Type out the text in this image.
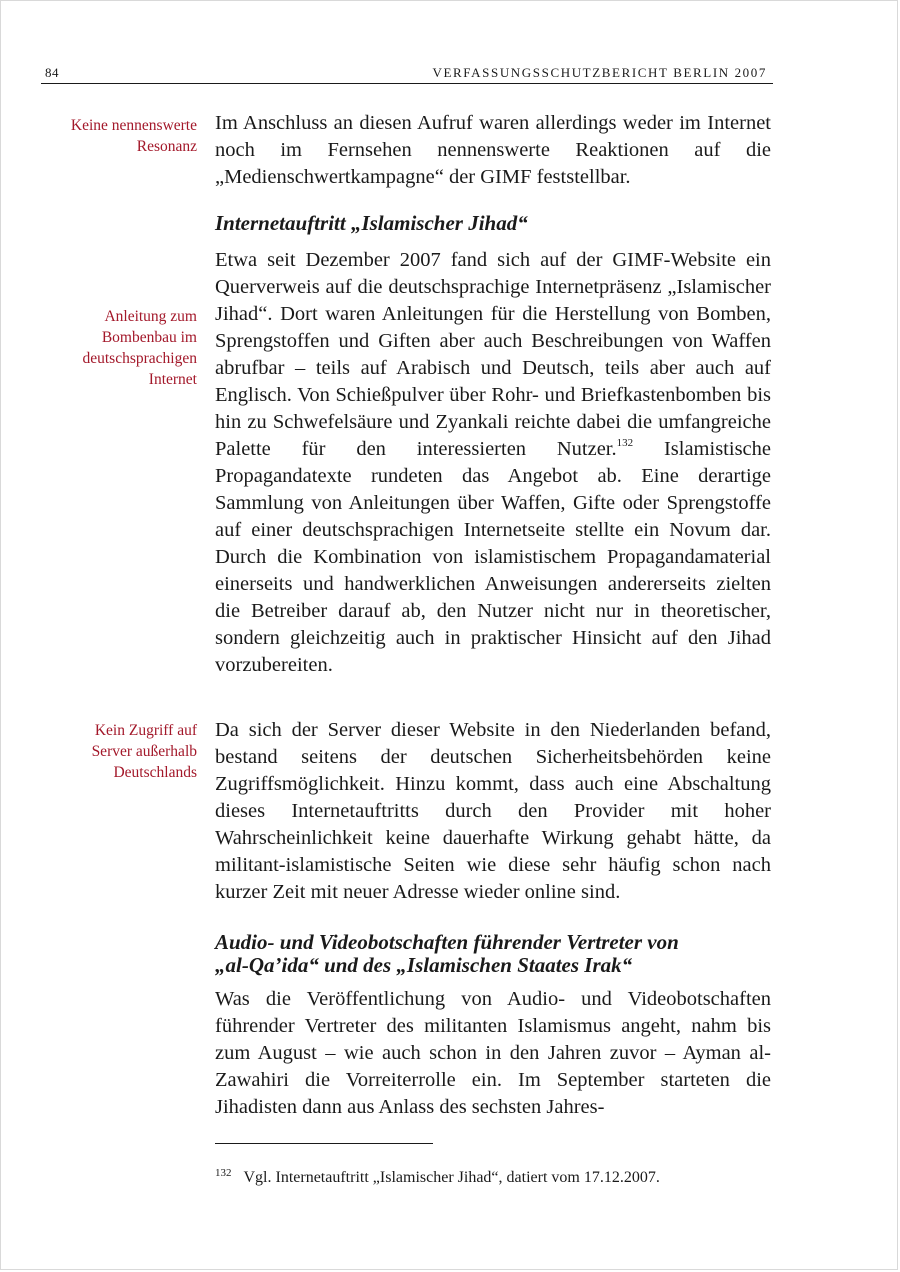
84	VERFASSUNGSSCHUTZBERICHT BERLIN 2007
Keine nennenswerte Resonanz

Im Anschluss an diesen Aufruf waren allerdings weder im Internet noch im Fernsehen nennenswerte Reaktionen auf die „Medienschwertkampagne“ der GIMF feststellbar.

Internetauftritt „Islamischer Jihad“
Anleitung zum Bombenbau im deutschsprachigen Internet

Etwa seit Dezember 2007 fand sich auf der GIMF-Website ein Querverweis auf die deutschsprachige Internetpräsenz „Islamischer Jihad“. Dort waren Anleitungen für die Herstellung von Bomben, Sprengstoffen und Giften aber auch Beschreibungen von Waffen abrufbar – teils auf Arabisch und Deutsch, teils aber auch auf Englisch. Von Schießpulver über Rohr- und Briefkastenbomben bis hin zu Schwefelsäure und Zyankali reichte dabei die umfangreiche Palette für den interessierten Nutzer.$^{132}$ Islamistische Propagandatexte rundeten das Angebot ab. Eine derartige Sammlung von Anleitungen über Waffen, Gifte oder Sprengstoffe auf einer deutschsprachigen Internetseite stellte ein Novum dar. Durch die Kombination von islamistischem Propagandamaterial einerseits und handwerklichen Anweisungen andererseits zielten die Betreiber darauf ab, den Nutzer nicht nur in theoretischer, sondern gleichzeitig auch in praktischer Hinsicht auf den Jihad vorzubereiten.

Kein Zugriff auf Server außerhalb Deutschlands

Da sich der Server dieser Website in den Niederlanden befand, bestand seitens der deutschen Sicherheitsbehörden keine Zugriffsmöglichkeit. Hinzu kommt, dass auch eine Abschaltung dieses Internetauftritts durch den Provider mit hoher Wahrscheinlichkeit keine dauerhafte Wirkung gehabt hätte, da militant-islamistische Seiten wie diese sehr häufig schon nach kurzer Zeit mit neuer Adresse wieder online sind.

Audio- und Videobotschaften führender Vertreter von
„al-Qa’ida“ und des „Islamischen Staates Irak“

Was die Veröffentlichung von Audio- und Videobotschaften führender Vertreter des militanten Islamismus angeht, nahm bis zum August – wie auch schon in den Jahren zuvor – Ayman al-Zawahiri die Vorreiterrolle ein. Im September starteten die Jihadisten dann aus Anlass des sechsten Jahres-

$^{132}$ Vgl. Internetauftritt „Islamischer Jihad“, datiert vom 17.12.2007.
